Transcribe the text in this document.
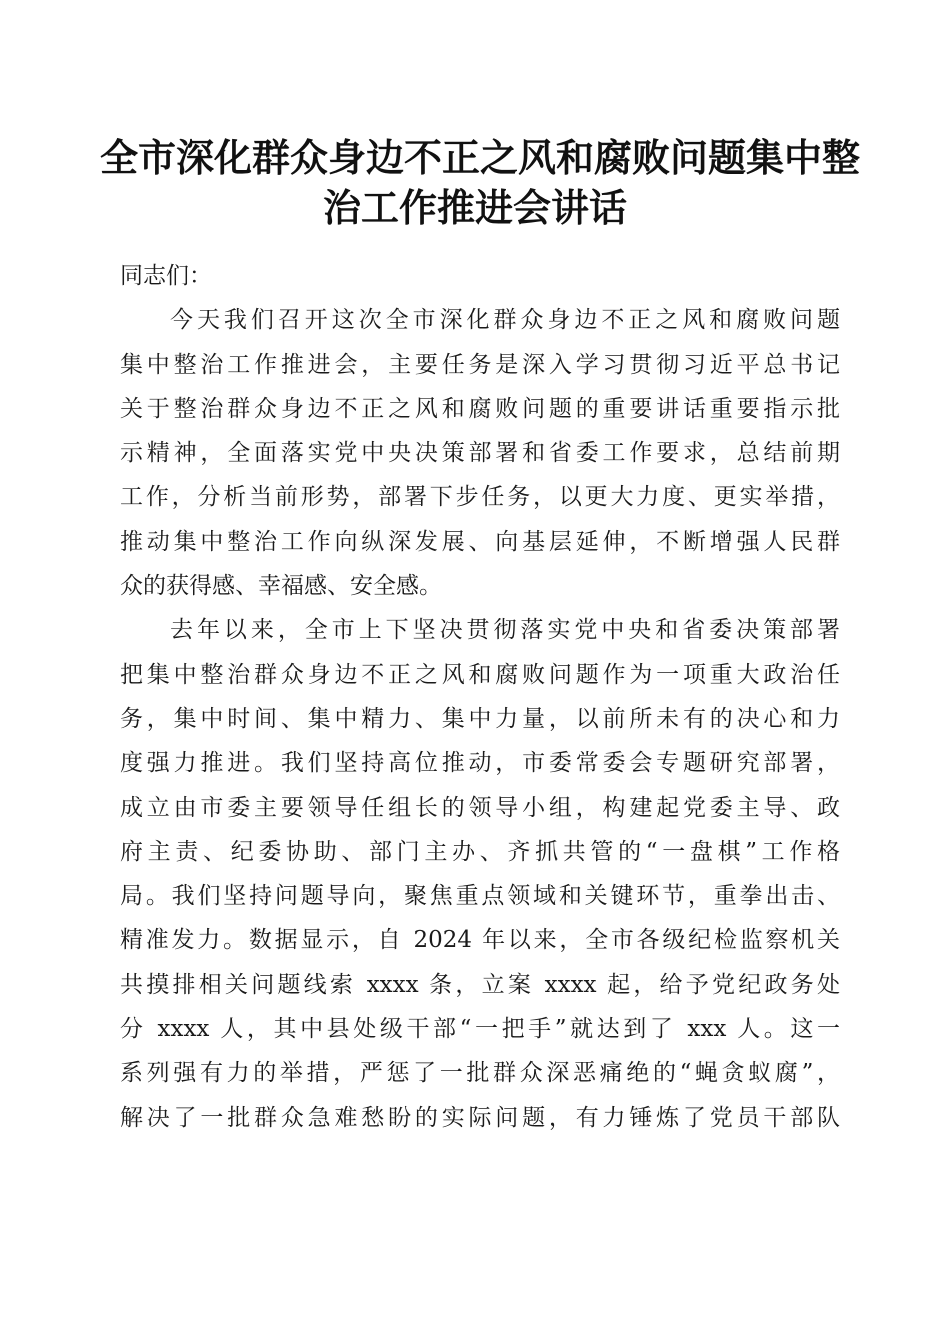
全市深化群众身边不正之风和腐败问题集中整
治工作推进会讲话
同志们：
今天我们召开这次全市深化群众身边不正之风和腐败问题
集中整治工作推进会，主要任务是深入学习贯彻习近平总书记
关于整治群众身边不正之风和腐败问题的重要讲话重要指示批
示精神，全面落实党中央决策部署和省委工作要求，总结前期
工作，分析当前形势，部署下步任务，以更大力度、更实举措，
推动集中整治工作向纵深发展、向基层延伸，不断增强人民群
众的获得感、幸福感、安全感。
去年以来，全市上下坚决贯彻落实党中央和省委决策部署
把集中整治群众身边不正之风和腐败问题作为一项重大政治任
务，集中时间、集中精力、集中力量，以前所未有的决心和力
度强力推进。我们坚持高位推动，市委常委会专题研究部署，
成立由市委主要领导任组长的领导小组，构建起党委主导、政
府主责、纪委协助、部门主办、齐抓共管的“一盘棋”工作格
局。我们坚持问题导向，聚焦重点领域和关键环节，重拳出击、
精准发力。数据显示，自 2024 年以来，全市各级纪检监察机关
共摸排相关问题线索 xxxx 条，立案 xxxx 起，给予党纪政务处
分 xxxx 人，其中县处级干部“一把手”就达到了 xxx 人。这一
系列强有力的举措，严惩了一批群众深恶痛绝的“蝇贪蚁腐”，
解决了一批群众急难愁盼的实际问题，有力锤炼了党员干部队
